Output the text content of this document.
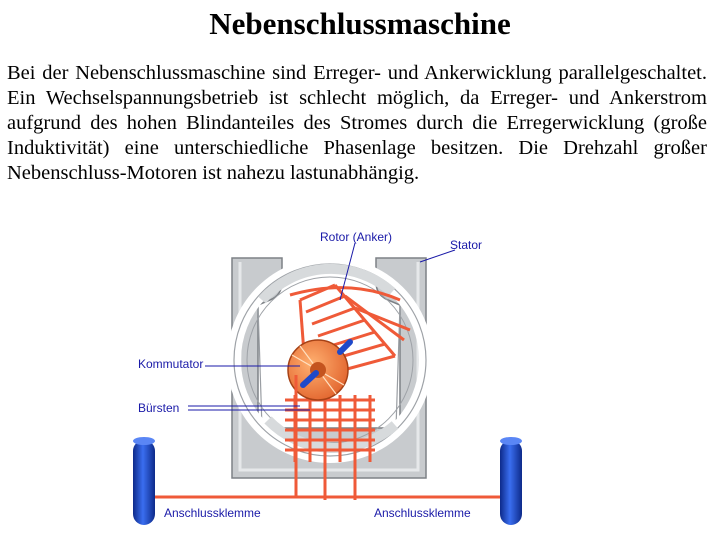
Nebenschlussmaschine
Bei der Nebenschlussmaschine sind Erreger- und Ankerwicklung parallelgeschaltet. Ein Wechselspannungsbetrieb ist schlecht möglich, da Erreger- und Ankerstrom aufgrund des hohen Blindanteiles des Stromes durch die Erregerwicklung (große Induktivität) eine unterschiedliche Phasenlage besitzen. Die Drehzahl großer Nebenschluss-Motoren ist nahezu lastunabhängig.
Rotor (Anker)
Stator
Kommutator
Bürsten
Anschlussklemme	Anschlussklemme
